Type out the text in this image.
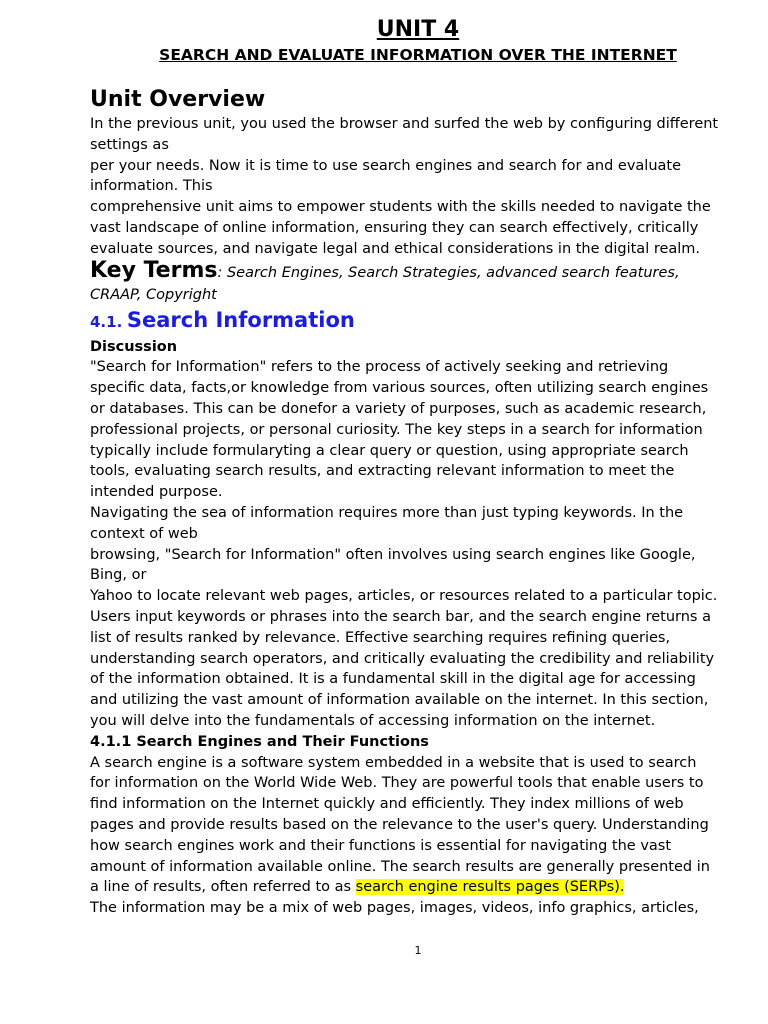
UNIT 4
SEARCH AND EVALUATE INFORMATION OVER THE INTERNET
Unit Overview
In the previous unit, you used the browser and surfed the web by configuring different
settings as
per your needs. Now it is time to use search engines and search for and evaluate
information. This
comprehensive unit aims to empower students with the skills needed to navigate the
vast landscape of online information, ensuring they can search effectively, critically
evaluate sources, and navigate legal and ethical considerations in the digital realm.
Key Terms: Search Engines, Search Strategies, advanced search features,
CRAAP, Copyright
4.1. Search Information
Discussion
"Search for Information" refers to the process of actively seeking and retrieving
specific data, facts,or knowledge from various sources, often utilizing search engines
or databases. This can be donefor a variety of purposes, such as academic research,
professional projects, or personal curiosity. The key steps in a search for information
typically include formularyting a clear query or question, using appropriate search
tools, evaluating search results, and extracting relevant information to meet the
intended purpose.
Navigating the sea of information requires more than just typing keywords. In the
context of web
browsing, "Search for Information" often involves using search engines like Google,
Bing, or
Yahoo to locate relevant web pages, articles, or resources related to a particular topic.
Users input keywords or phrases into the search bar, and the search engine returns a
list of results ranked by relevance. Effective searching requires refining queries,
understanding search operators, and critically evaluating the credibility and reliability
of the information obtained. It is a fundamental skill in the digital age for accessing
and utilizing the vast amount of information available on the internet. In this section,
you will delve into the fundamentals of accessing information on the internet.
4.1.1 Search Engines and Their Functions
A search engine is a software system embedded in a website that is used to search
for information on the World Wide Web. They are powerful tools that enable users to
find information on the Internet quickly and efficiently. They index millions of web
pages and provide results based on the relevance to the user's query. Understanding
how search engines work and their functions is essential for navigating the vast
amount of information available online. The search results are generally presented in
a line of results, often referred to as search engine results pages (SERPs).
The information may be a mix of web pages, images, videos, info graphics, articles,
1
